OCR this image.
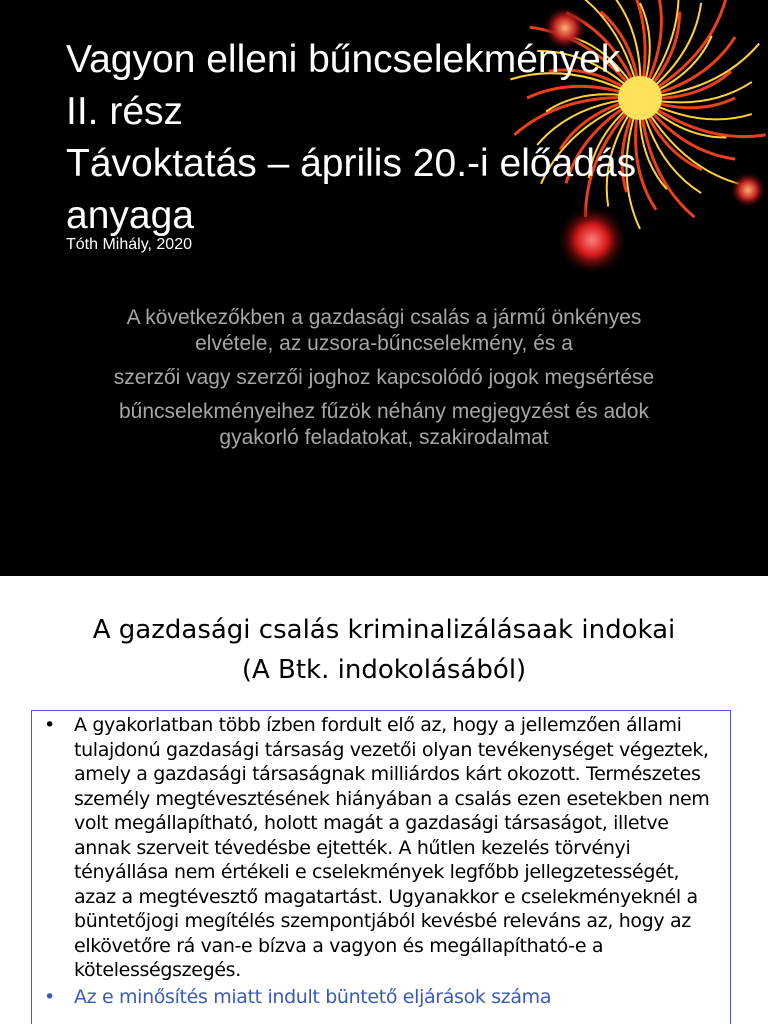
Vagyon elleni bűncselekmények
II. rész
Távoktatás – április 20.-i előadás
anyaga
Tóth Mihály, 2020

A következőkben a gazdasági csalás a jármű önkényes elvétele, az uzsora-bűncselekmény, és a

szerzői vagy szerzői joghoz kapcsolódó jogok megsértése

bűncselekményeihez fűzök néhány megjegyzést és adok gyakorló feladatokat, szakirodalmat

A gazdasági csalás kriminalizálásaak indokai
(A Btk. indokolásából)
• A gyakorlatban több ízben fordult elő az, hogy a jellemzően állami tulajdonú gazdasági társaság vezetői olyan tevékenységet végeztek, amely a gazdasági társaságnak milliárdos kárt okozott. Természetes személy megtévesztésének hiányában a csalás ezen esetekben nem volt megállapítható, holott magát a gazdasági társaságot, illetve annak szerveit tévedésbe ejtették. A hűtlen kezelés törvényi tényállása nem értékeli e cselekmények legfőbb jellegzetességét, azaz a megtévesztő magatartást. Ugyanakkor e cselekményeknél a büntetőjogi megítélés szempontjából kevésbé releváns az, hogy az elkövetőre rá van-e bízva a vagyon és megállapítható-e a kötelességszegés.
• Az e minősítés miatt indult büntető eljárások száma
